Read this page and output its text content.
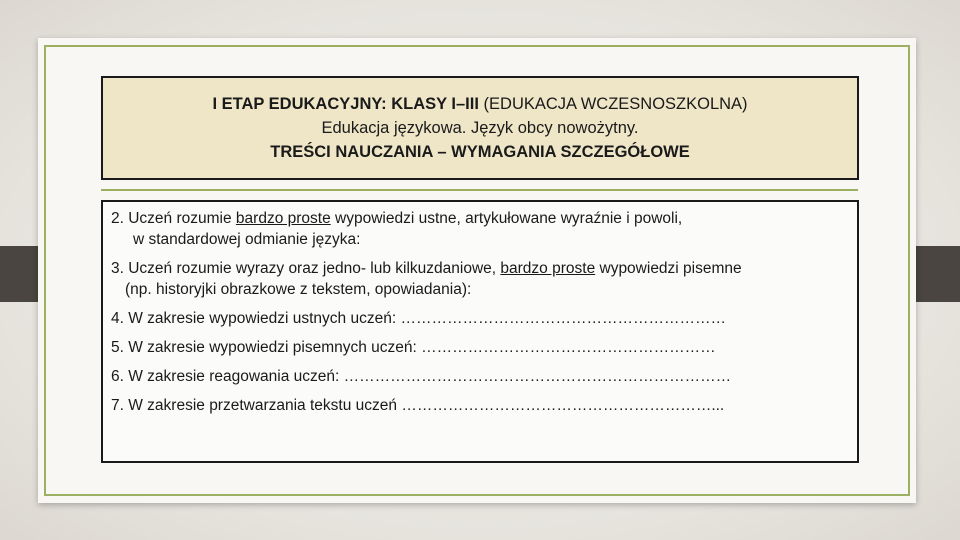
I ETAP EDUKACYJNY: KLASY I–III (EDUKACJA WCZESNOSZKOLNA)
Edukacja językowa. Język obcy nowożytny.
TREŚCI NAUCZANIA – WYMAGANIA SZCZEGÓŁOWE
2. Uczeń rozumie bardzo proste wypowiedzi ustne, artykułowane wyraźnie i powoli,
w standardowej odmianie języka:
3. Uczeń rozumie wyrazy oraz jedno- lub kilkuzdaniowe, bardzo proste wypowiedzi pisemne
(np. historyjki obrazkowe z tekstem, opowiadania):
4. W zakresie wypowiedzi ustnych uczeń: ………………………………………………………
5. W zakresie wypowiedzi pisemnych uczeń: …………………………………………………
6. W zakresie reagowania uczeń: …………………………………………………………………
7. W zakresie przetwarzania tekstu uczeń ……………………………………………………...
